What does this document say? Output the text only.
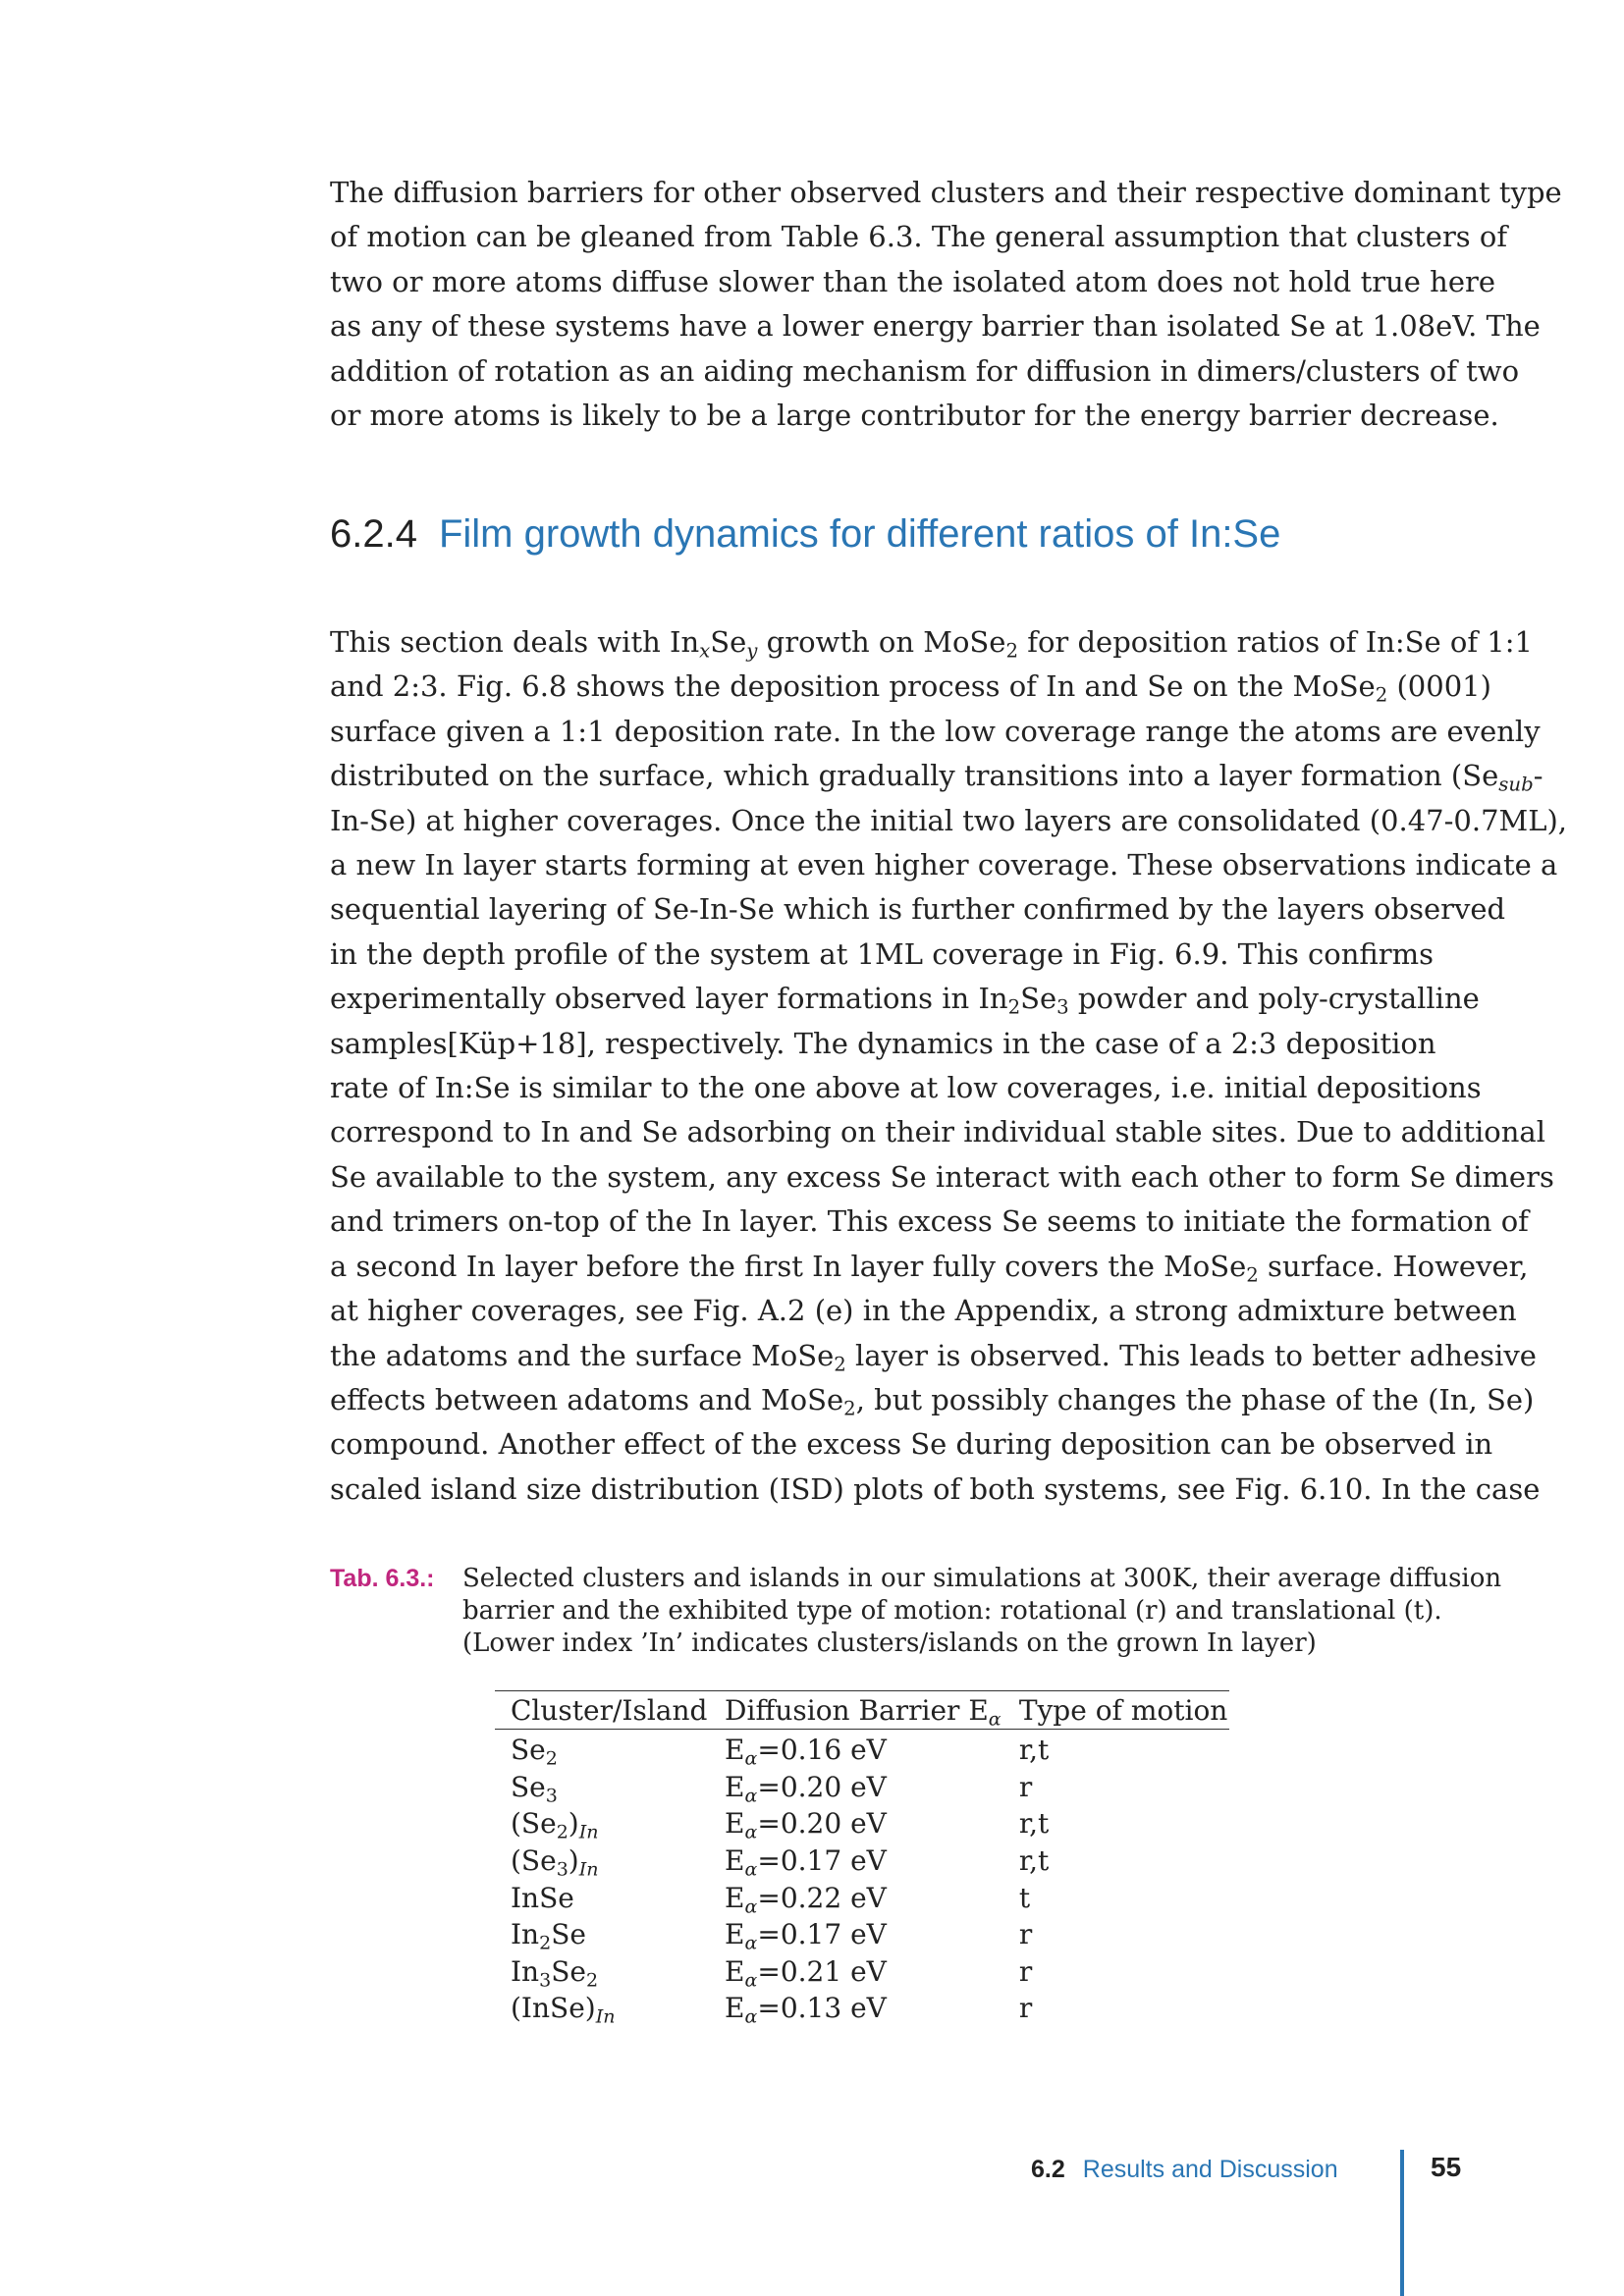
The diffusion barriers for other observed clusters and their respective dominant type
of motion can be gleaned from Table 6.3. The general assumption that clusters of
two or more atoms diffuse slower than the isolated atom does not hold true here
as any of these systems have a lower energy barrier than isolated Se at 1.08eV. The
addition of rotation as an aiding mechanism for diffusion in dimers/clusters of two
or more atoms is likely to be a large contributor for the energy barrier decrease.
6.2.4 Film growth dynamics for different ratios of In:Se
This section deals with $In_xSe_y$ growth on MoSe$_2$ for deposition ratios of In:Se of 1:1
and 2:3. Fig. 6.8 shows the deposition process of In and Se on the MoSe$_2$ (0001)
surface given a 1:1 deposition rate. In the low coverage range the atoms are evenly
distributed on the surface, which gradually transitions into a layer formation ($Se_{sub}-$
In-Se) at higher coverages. Once the initial two layers are consolidated (0.47-0.7ML),
a new In layer starts forming at even higher coverage. These observations indicate a
sequential layering of Se-In-Se which is further confirmed by the layers observed
in the depth profile of the system at 1ML coverage in Fig. 6.9. This confirms
experimentally observed layer formations in $In_2Se_3$ powder and poly-crystalline
samples[Küp+18], respectively. The dynamics in the case of a 2:3 deposition
rate of In:Se is similar to the one above at low coverages, i.e. initial depositions
correspond to In and Se adsorbing on their individual stable sites. Due to additional
Se available to the system, any excess Se interact with each other to form Se dimers
and trimers on-top of the In layer. This excess Se seems to initiate the formation of
a second In layer before the first In layer fully covers the MoSe$_2$ surface. However,
at higher coverages, see Fig. A.2 (e) in the Appendix, a strong admixture between
the adatoms and the surface MoSe$_2$ layer is observed. This leads to better adhesive
effects between adatoms and MoSe$_2$, but possibly changes the phase of the (In, Se)
compound. Another effect of the excess Se during deposition can be observed in
scaled island size distribution (ISD) plots of both systems, see Fig. 6.10. In the case
Tab. 6.3.: Selected clusters and islands in our simulations at 300K, their average diffusion
barrier and the exhibited type of motion: rotational (r) and translational (t).
(Lower index ’In’ indicates clusters/islands on the grown In layer)
Cluster/Island	Diffusion Barrier $E_\alpha$	Type of motion
$Se_2$	$E_\alpha=0.16$ eV	r,t
$Se_3$	$E_\alpha=0.20$ eV	r
$(Se_2)_{In}$	$E_\alpha=0.20$ eV	r,t
$(Se_3)_{In}$	$E_\alpha=0.17$ eV	r,t
InSe	$E_\alpha=0.22$ eV	t
$In_2Se$	$E_\alpha=0.17$ eV	r
$In_3Se_2$	$E_\alpha=0.21$ eV	r
$(InSe)_{In}$	$E_\alpha=0.13$ eV	r
6.2 Results and Discussion	55
